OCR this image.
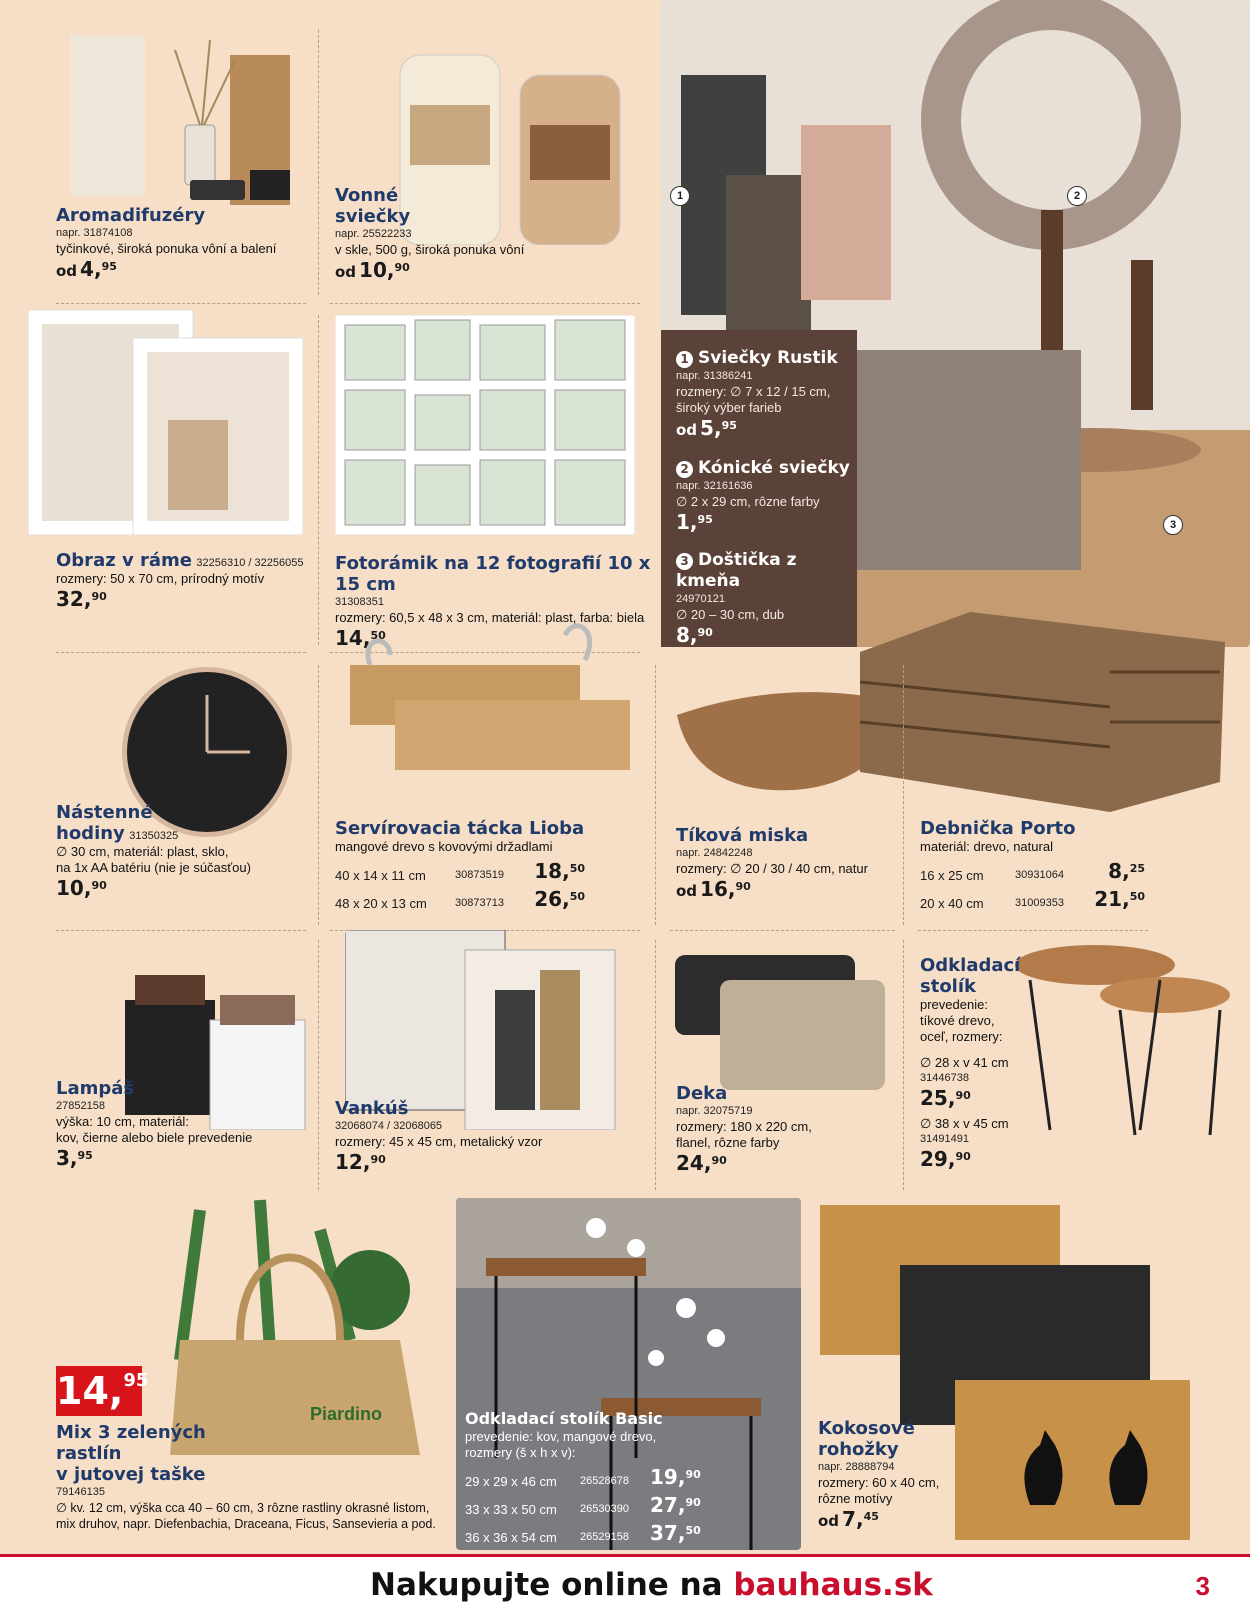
1	2
3
Aromadifuzéry
napr. 31874108
tyčinkové, široká ponuka vôní a balení
od 4,95
Vonné
sviečky
napr. 25522233
v skle, 500 g, široká ponuka vôní
od 10,90
Obraz v ráme 32256310 / 32256055
rozmery: 50 x 70 cm, prírodný motív
32,90
Fotorámik na 12 fotografií 10 x 15 cm
31308351
rozmery: 60,5 x 48 x 3 cm, materiál: plast, farba: biela
14,50
1 Sviečky Rustik
napr. 31386241
rozmery: ∅ 7 x 12 / 15 cm,
široký výber farieb
od 5,95
2 Kónické sviečky
napr. 32161636
∅ 2 x 29 cm, rôzne farby
1,95
3 Doštička z kmeňa
24970121
∅ 20 – 30 cm, dub
8,90
Nástenné
hodiny 31350325
∅ 30 cm, materiál: plast, sklo,
na 1x AA batériu (nie je súčasťou)
10,90
Servírovacia tácka Lioba
mangové drevo s kovovými držadlami
40 x 14 x 11 cm	30873519	18,50
48 x 20 x 13 cm	30873713	26,50
Tíková miska
napr. 24842248
rozmery: ∅ 20 / 30 / 40 cm, natur
od 16,90
Debnička Porto
materiál: drevo, natural
16 x 25 cm	30931064	8,25
20 x 40 cm	31009353	21,50
Lampáš
27852158
výška: 10 cm, materiál:
kov, čierne alebo biele prevedenie
3,95
Vankúš
32068074 / 32068065
rozmery: 45 x 45 cm, metalický vzor
12,90
Deka
napr. 32075719
rozmery: 180 x 220 cm,
flanel, rôzne farby
24,90
Odkladací
stolík
prevedenie:
tíkové drevo,
oceľ, rozmery:
∅ 28 x v 41 cm
31446738
25,90
∅ 38 x v 45 cm
31491491
29,90
Piardino
14,95
Mix 3 zelených
rastlín
v jutovej taške
79146135
∅ kv. 12 cm, výška cca 40 – 60 cm, 3 rôzne rastliny okrasné listom,
mix druhov, napr. Diefenbachia, Draceana, Ficus, Sansevieria a pod.
Odkladací stolík Basic
prevedenie: kov, mangové drevo,
rozmery (š x h x v):
29 x 29 x 46 cm	26528678	19,90
33 x 33 x 50 cm	26530390	27,90
36 x 36 x 54 cm	26529158	37,50
Kokosové
rohožky
napr. 28888794
rozmery: 60 x 40 cm,
rôzne motívy
od 7,45
Nakupujte online na bauhaus.sk	3
